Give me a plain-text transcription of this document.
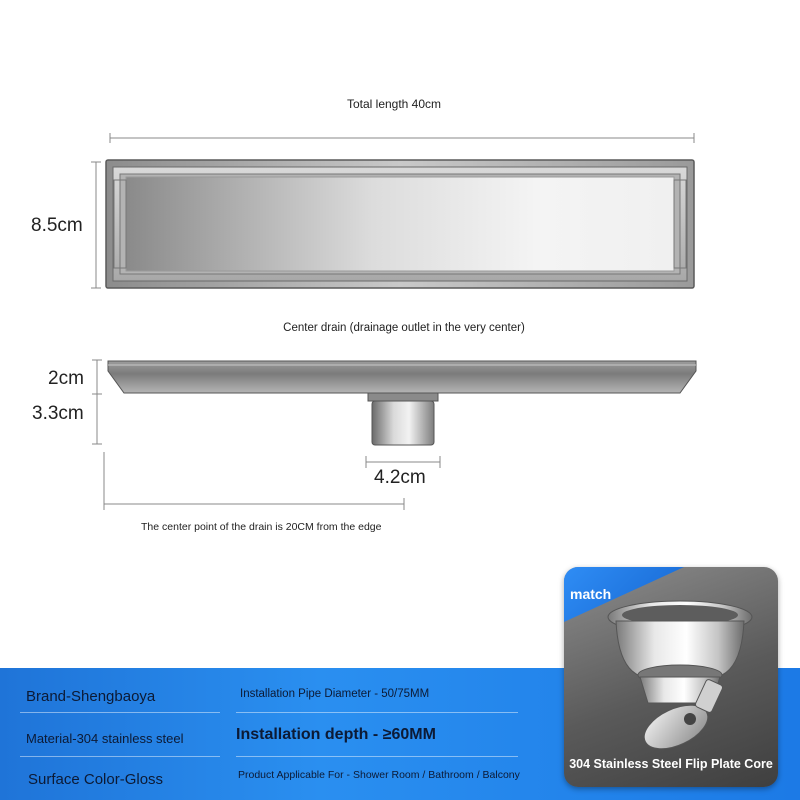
Total length 40cm
8.5cm
Center drain (drainage outlet in the very center)
2cm
3.3cm
4.2cm
The center point of the drain is 20CM from the edge
Brand-Shengbaoya	Installation Pipe Diameter - 50/75MM
Material-304 stainless steel	Installation depth - ≥60MM
Surface Color-Gloss	Product Applicable For - Shower Room / Bathroom / Balcony
match
304 Stainless Steel Flip Plate Core
